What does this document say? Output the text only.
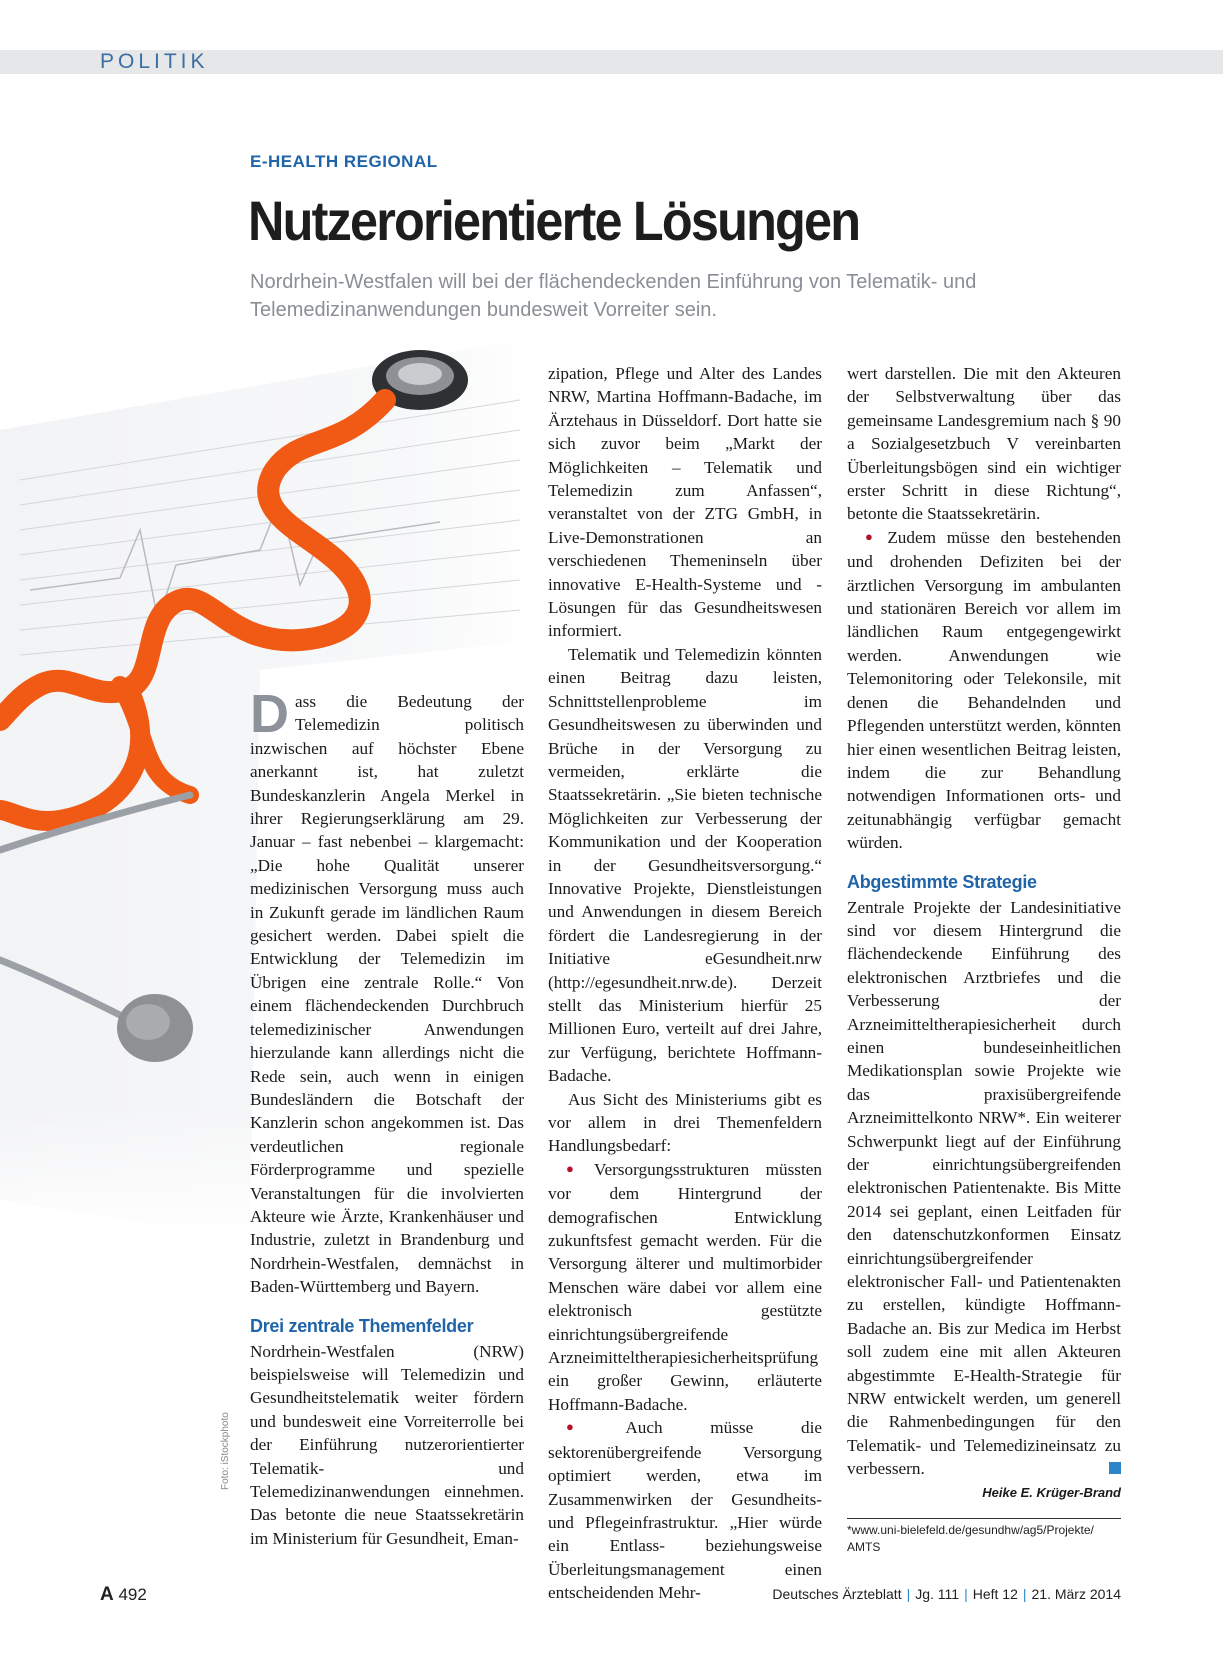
POLITIK
E-HEALTH REGIONAL
Nutzerorientierte Lösungen

Nordrhein-Westfalen will bei der flächendeckenden Einführung von Telematik- und Telemedizinanwendungen bundesweit Vorreiter sein.

Foto: iStockphoto

D ass die Bedeutung der Telemedizin politisch inzwischen auf höchster Ebene anerkannt ist, hat zuletzt Bundeskanzlerin Angela Merkel in ihrer Regierungserklärung am 29. Januar – fast nebenbei – klargemacht: „Die hohe Qualität unserer medizinischen Versorgung muss auch in Zukunft gerade im ländlichen Raum gesichert werden. Dabei spielt die Entwicklung der Telemedizin im Übrigen eine zentrale Rolle.“ Von einem flächendeckenden Durchbruch telemedizinischer Anwendungen hierzulande kann allerdings nicht die Rede sein, auch wenn in einigen Bundesländern die Botschaft der Kanzlerin schon angekommen ist. Das verdeutlichen regionale Förderprogramme und spezielle Veranstaltungen für die involvierten Akteure wie Ärzte, Krankenhäuser und Industrie, zuletzt in Brandenburg und Nordrhein-Westfalen, demnächst in Baden-Württemberg und Bayern.

Drei zentrale Themenfelder

Nordrhein-Westfalen (NRW) beispielsweise will Telemedizin und Gesundheitstelematik weiter fördern und bundesweit eine Vorreiterrolle bei der Einführung nutzerorientierter Telematik- und Telemedizinanwendungen einnehmen. Das betonte die neue Staatssekretärin im Ministerium für Gesundheit, Eman-

zipation, Pflege und Alter des Landes NRW, Martina Hoffmann-Badache, im Ärztehaus in Düsseldorf. Dort hatte sie sich zuvor beim „Markt der Möglichkeiten – Telematik und Telemedizin zum Anfassen“, veranstaltet von der ZTG GmbH, in Live-Demonstrationen an verschiedenen Themeninseln über innovative E-Health-Systeme und -Lösungen für das Gesundheitswesen informiert.

Telematik und Telemedizin könnten einen Beitrag dazu leisten, Schnittstellenprobleme im Gesundheitswesen zu überwinden und Brüche in der Versorgung zu vermeiden, erklärte die Staatssekretärin. „Sie bieten technische Möglichkeiten zur Verbesserung der Kommunikation und der Kooperation in der Gesundheitsversorgung.“ Innovative Projekte, Dienstleistungen und Anwendungen in diesem Bereich fördert die Landesregierung in der Initiative eGesundheit.nrw (http://egesundheit.nrw.de). Derzeit stellt das Ministerium hierfür 25 Millionen Euro, verteilt auf drei Jahre, zur Verfügung, berichtete Hoffmann-Badache.

Aus Sicht des Ministeriums gibt es vor allem in drei Themenfeldern Handlungsbedarf:

● Versorgungsstrukturen müssten vor dem Hintergrund der demografischen Entwicklung zukunftsfest gemacht werden. Für die Versorgung älterer und multimorbider Menschen wäre dabei vor allem eine elektronisch gestützte einrichtungsübergreifende Arzneimitteltherapiesicherheitsprüfung ein großer Gewinn, erläuterte Hoffmann-Badache.

● Auch müsse die sektorenübergreifende Versorgung optimiert werden, etwa im Zusammenwirken der Gesundheits- und Pflegeinfrastruktur. „Hier würde ein Entlass- beziehungsweise Überleitungsmanagement einen entscheidenden Mehr-

wert darstellen. Die mit den Akteuren der Selbstverwaltung über das gemeinsame Landesgremium nach § 90 a Sozialgesetzbuch V vereinbarten Überleitungsbögen sind ein wichtiger erster Schritt in diese Richtung“, betonte die Staatssekretärin.

● Zudem müsse den bestehenden und drohenden Defiziten bei der ärztlichen Versorgung im ambulanten und stationären Bereich vor allem im ländlichen Raum entgegengewirkt werden. Anwendungen wie Telemonitoring oder Telekonsile, mit denen die Behandelnden und Pflegenden unterstützt werden, könnten hier einen wesentlichen Beitrag leisten, indem die zur Behandlung notwendigen Informationen orts- und zeitunabhängig verfügbar gemacht würden.

Abgestimmte Strategie

Zentrale Projekte der Landesinitiative sind vor diesem Hintergrund die flächendeckende Einführung des elektronischen Arztbriefes und die Verbesserung der Arzneimitteltherapiesicherheit durch einen bundeseinheitlichen Medikationsplan sowie Projekte wie das praxisübergreifende Arzneimittelkonto NRW*. Ein weiterer Schwerpunkt liegt auf der Einführung der einrichtungsübergreifenden elektronischen Patientenakte. Bis Mitte 2014 sei geplant, einen Leitfaden für den datenschutzkonformen Einsatz einrichtungsübergreifender elektronischer Fall- und Patientenakten zu erstellen, kündigte Hoffmann-Badache an. Bis zur Medica im Herbst soll zudem eine mit allen Akteuren abgestimmte E-Health-Strategie für NRW entwickelt werden, um generell die Rahmenbedingungen für den Telematik- und Telemedizineinsatz zu verbessern.

Heike E. Krüger-Brand

*www.uni-bielefeld.de/gesundhw/ag5/Projekte/ AMTS
A 492	Deutsches Ärzteblatt | Jg. 111 | Heft 12 | 21. März 2014
